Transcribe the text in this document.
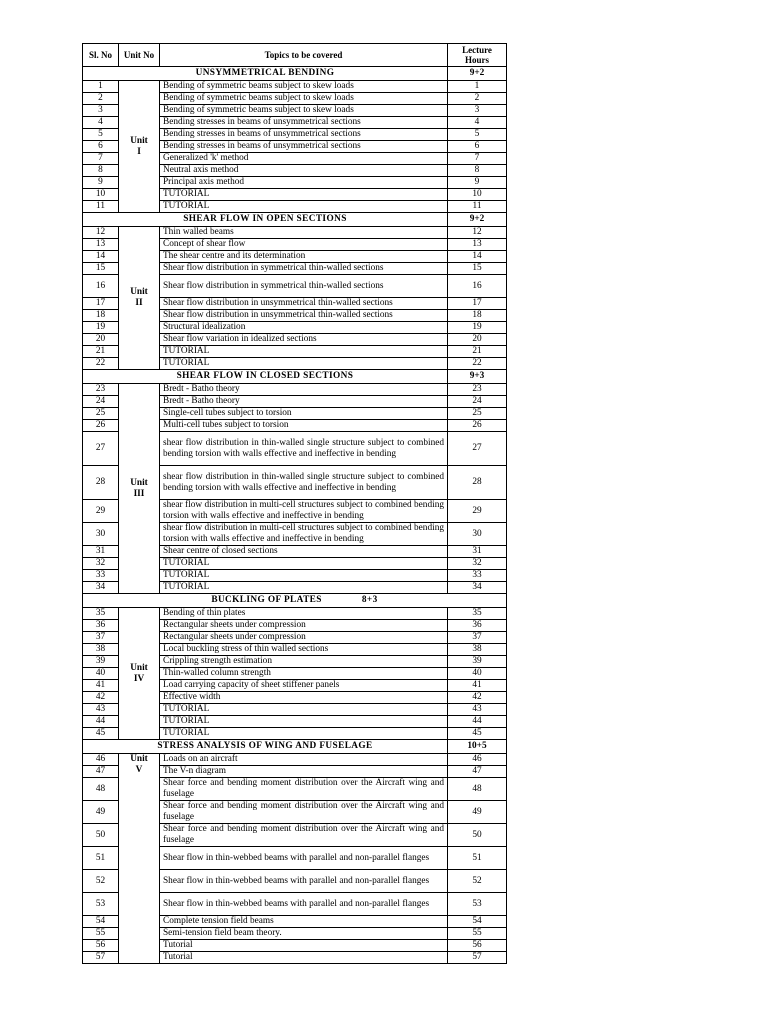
Sl. No	Unit No	Topics to be covered	Lecture Hours
UNSYMMETRICAL BENDING			9+2
1	Unit I	Bending of symmetric beams subject to skew loads	1
2		Bending of symmetric beams subject to skew loads	2
3		Bending of symmetric beams subject to skew loads	3
4		Bending stresses in beams of unsymmetrical sections	4
5		Bending stresses in beams of unsymmetrical sections	5
6		Bending stresses in beams of unsymmetrical sections	6
7		Generalized 'k' method	7
8		Neutral axis method	8
9		Principal axis method	9
10		TUTORIAL	10
11		TUTORIAL	11
SHEAR FLOW IN OPEN SECTIONS			9+2
12	Unit II	Thin walled beams	12
13		Concept of shear flow	13
14		The shear centre and its determination	14
15		Shear flow distribution in symmetrical thin-walled sections	15
16		Shear flow distribution in symmetrical thin-walled sections	16
17		Shear flow distribution in unsymmetrical thin-walled sections	17
18		Shear flow distribution in unsymmetrical thin-walled sections	18
19		Structural idealization	19
20		Shear flow variation in idealized sections	20
21		TUTORIAL	21
22		TUTORIAL	22
SHEAR FLOW IN CLOSED SECTIONS			9+3
23	Unit III	Bredt - Batho theory	23
24		Bredt - Batho theory	24
25		Single-cell tubes subject to torsion	25
26		Multi-cell tubes subject to torsion	26
27		shear flow distribution in thin-walled single structure subject to combined bending torsion with walls effective and ineffective in bending	27
28		shear flow distribution in thin-walled single structure subject to combined bending torsion with walls effective and ineffective in bending	28
29		shear flow distribution in multi-cell structures subject to combined bending torsion with walls effective and ineffective in bending	29
30		shear flow distribution in multi-cell structures subject to combined bending torsion with walls effective and ineffective in bending	30
31		Shear centre of closed sections	31
32		TUTORIAL	32
33		TUTORIAL	33
34		TUTORIAL	34
BUCKLING OF PLATES 8+3			
35	Unit IV	Bending of thin plates	35
36		Rectangular sheets under compression	36
37		Rectangular sheets under compression	37
38		Local buckling stress of thin walled sections	38
39		Crippling strength estimation	39
40		Thin-walled column strength	40
41		Load carrying capacity of sheet stiffener panels	41
42		Effective width	42
43		TUTORIAL	43
44		TUTORIAL	44
45		TUTORIAL	45
STRESS ANALYSIS OF WING AND FUSELAGE			10+5
46	Unit V	Loads on an aircraft	46
47		The V-n diagram	47
48		Shear force and bending moment distribution over the Aircraft wing and fuselage	48
49		Shear force and bending moment distribution over the Aircraft wing and fuselage	49
50		Shear force and bending moment distribution over the Aircraft wing and fuselage	50
51		Shear flow in thin-webbed beams with parallel and non-parallel flanges	51
52		Shear flow in thin-webbed beams with parallel and non-parallel flanges	52
53		Shear flow in thin-webbed beams with parallel and non-parallel flanges	53
54		Complete tension field beams	54
55		Semi-tension field beam theory.	55
56		Tutorial	56
57		Tutorial	57
